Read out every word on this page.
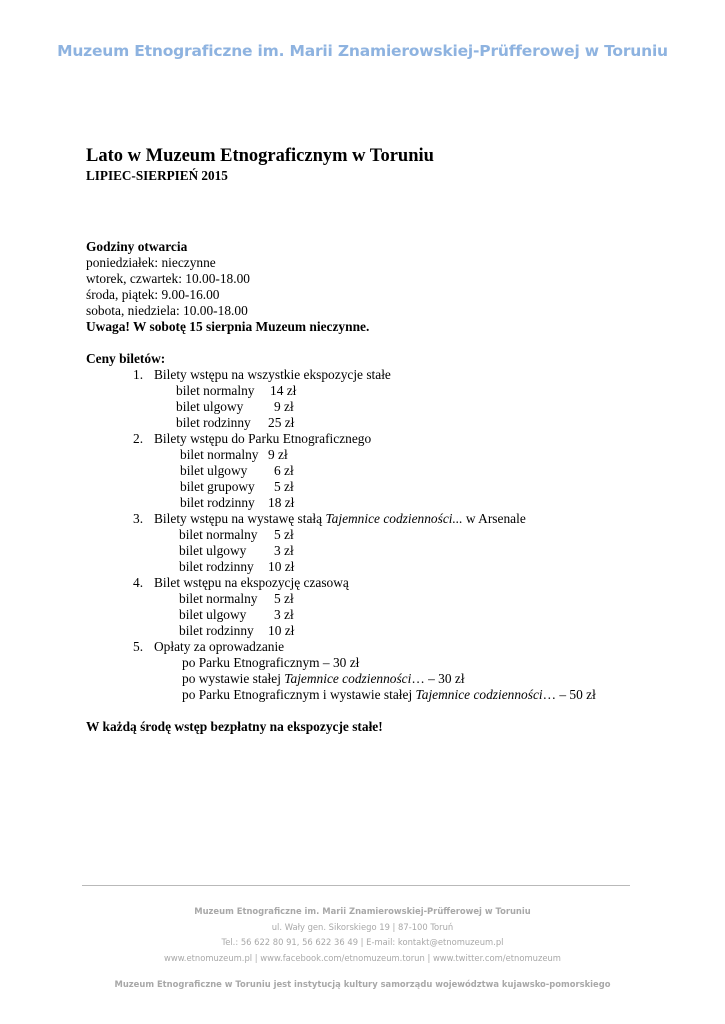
Muzeum Etnograficzne im. Marii Znamierowskiej-Prüfferowej w Toruniu
Lato w Muzeum Etnograficznym w Toruniu
LIPIEC-SIERPIEŃ 2015
Godziny otwarcia
poniedziałek: nieczynne
wtorek, czwartek: 10.00-18.00
środa, piątek: 9.00-16.00
sobota, niedziela: 10.00-18.00
Uwaga! W sobotę 15 sierpnia Muzeum nieczynne.
Ceny biletów:
1. Bilety wstępu na wszystkie ekspozycje stałe
bilet normalny 14 zł
bilet ulgowy 9 zł
bilet rodzinny 25 zł
2. Bilety wstępu do Parku Etnograficznego
bilet normalny 9 zł
bilet ulgowy 6 zł
bilet grupowy 5 zł
bilet rodzinny 18 zł
3. Bilety wstępu na wystawę stałą Tajemnice codzienności... w Arsenale
bilet normalny 5 zł
bilet ulgowy 3 zł
bilet rodzinny 10 zł
4. Bilet wstępu na ekspozycję czasową
bilet normalny 5 zł
bilet ulgowy 3 zł
bilet rodzinny 10 zł
5. Opłaty za oprowadzanie
po Parku Etnograficznym – 30 zł
po wystawie stałej Tajemnice codzienności… – 30 zł
po Parku Etnograficznym i wystawie stałej Tajemnice codzienności… – 50 zł
W każdą środę wstęp bezpłatny na ekspozycje stałe!
Muzeum Etnograficzne im. Marii Znamierowskiej-Prüfferowej w Toruniu
ul. Wały gen. Sikorskiego 19 | 87-100 Toruń
Tel.: 56 622 80 91, 56 622 36 49 | E-mail: kontakt@etnomuzeum.pl
www.etnomuzeum.pl | www.facebook.com/etnomuzeum.torun | www.twitter.com/etnomuzeum
Muzeum Etnograficzne w Toruniu jest instytucją kultury samorządu województwa kujawsko-pomorskiego
